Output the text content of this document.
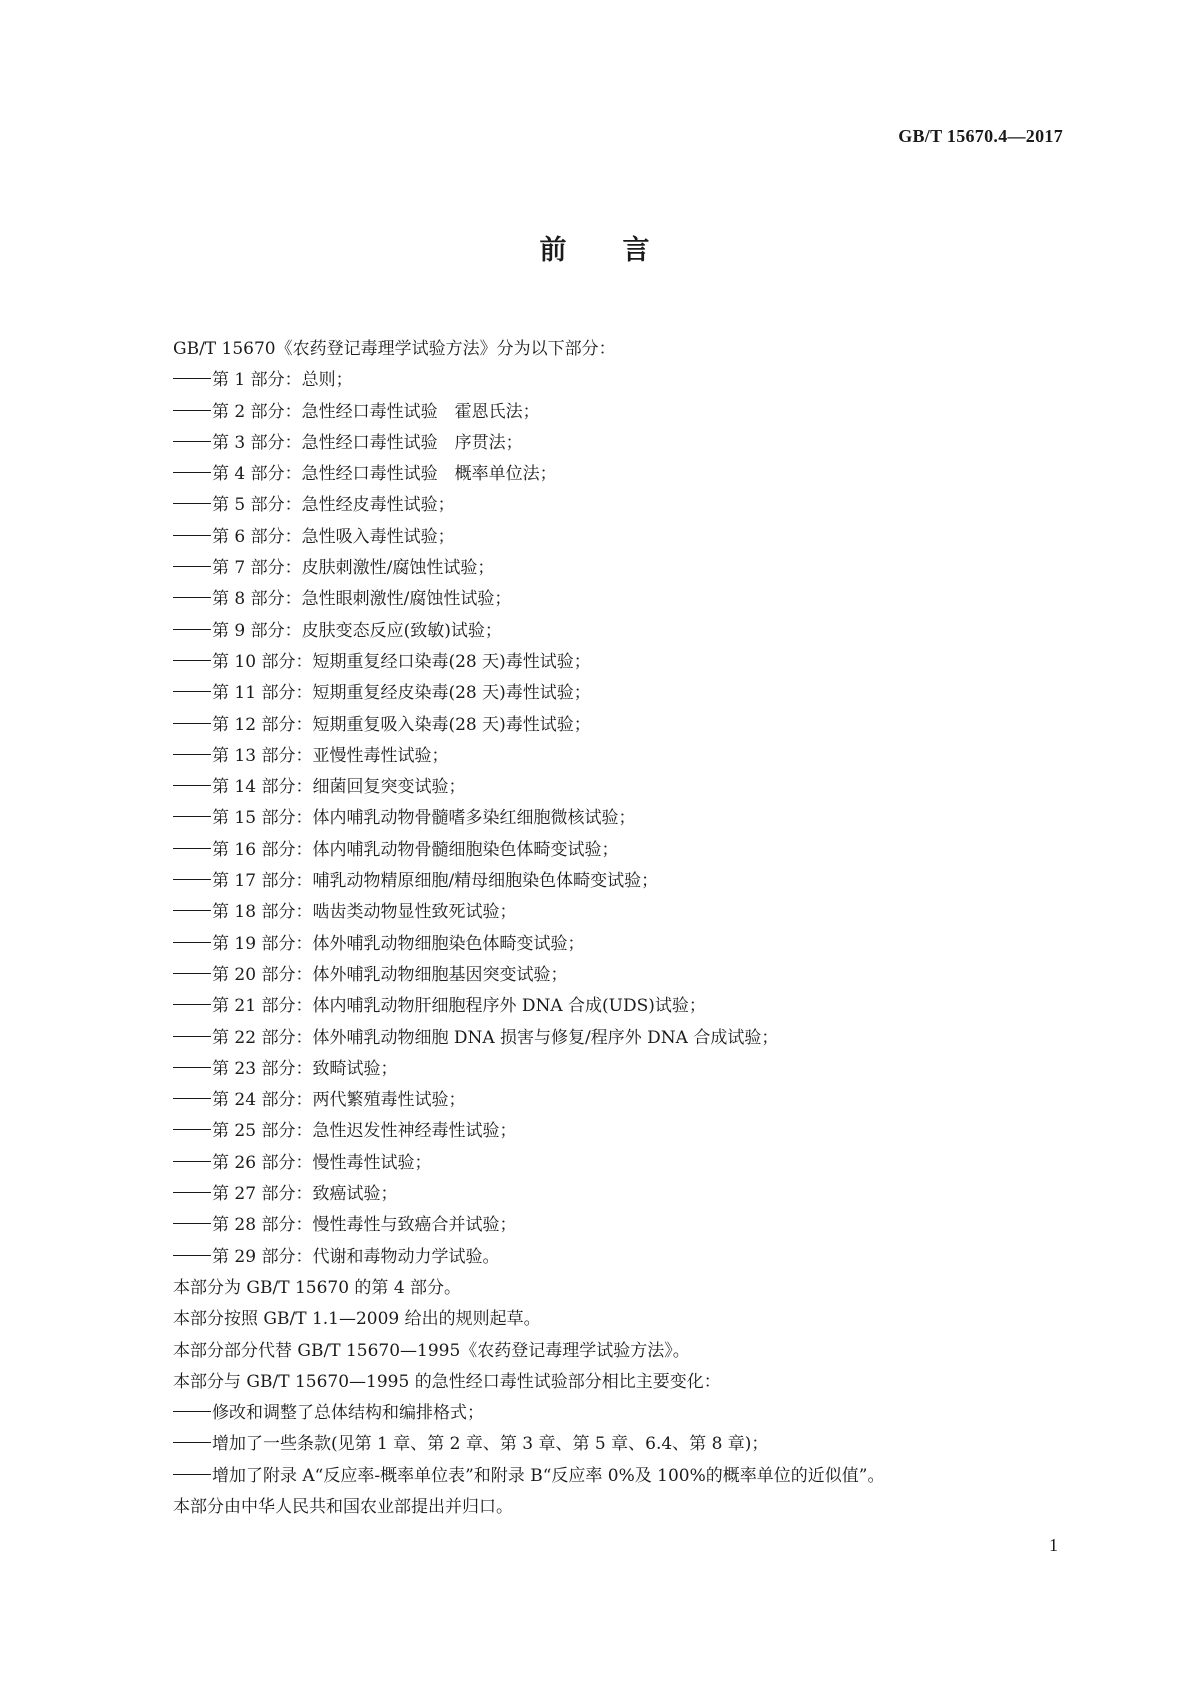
GB/T 15670.4—2017
前 言
GB/T 15670《农药登记毒理学试验方法》分为以下部分：
第 1 部分：总则；
第 2 部分：急性经口毒性试验　霍恩氏法；
第 3 部分：急性经口毒性试验　序贯法；
第 4 部分：急性经口毒性试验　概率单位法；
第 5 部分：急性经皮毒性试验；
第 6 部分：急性吸入毒性试验；
第 7 部分：皮肤刺激性/腐蚀性试验；
第 8 部分：急性眼刺激性/腐蚀性试验；
第 9 部分：皮肤变态反应(致敏)试验；
第 10 部分：短期重复经口染毒(28 天)毒性试验；
第 11 部分：短期重复经皮染毒(28 天)毒性试验；
第 12 部分：短期重复吸入染毒(28 天)毒性试验；
第 13 部分：亚慢性毒性试验；
第 14 部分：细菌回复突变试验；
第 15 部分：体内哺乳动物骨髓嗜多染红细胞微核试验；
第 16 部分：体内哺乳动物骨髓细胞染色体畸变试验；
第 17 部分：哺乳动物精原细胞/精母细胞染色体畸变试验；
第 18 部分：啮齿类动物显性致死试验；
第 19 部分：体外哺乳动物细胞染色体畸变试验；
第 20 部分：体外哺乳动物细胞基因突变试验；
第 21 部分：体内哺乳动物肝细胞程序外 DNA 合成(UDS)试验；
第 22 部分：体外哺乳动物细胞 DNA 损害与修复/程序外 DNA 合成试验；
第 23 部分：致畸试验；
第 24 部分：两代繁殖毒性试验；
第 25 部分：急性迟发性神经毒性试验；
第 26 部分：慢性毒性试验；
第 27 部分：致癌试验；
第 28 部分：慢性毒性与致癌合并试验；
第 29 部分：代谢和毒物动力学试验。
本部分为 GB/T 15670 的第 4 部分。
本部分按照 GB/T 1.1—2009 给出的规则起草。
本部分部分代替 GB/T 15670—1995《农药登记毒理学试验方法》。
本部分与 GB/T 15670—1995 的急性经口毒性试验部分相比主要变化：
修改和调整了总体结构和编排格式；
增加了一些条款(见第 1 章、第 2 章、第 3 章、第 5 章、6.4、第 8 章)；
增加了附录 A“反应率-概率单位表”和附录 B“反应率 0%及 100%的概率单位的近似值”。
本部分由中华人民共和国农业部提出并归口。
1
